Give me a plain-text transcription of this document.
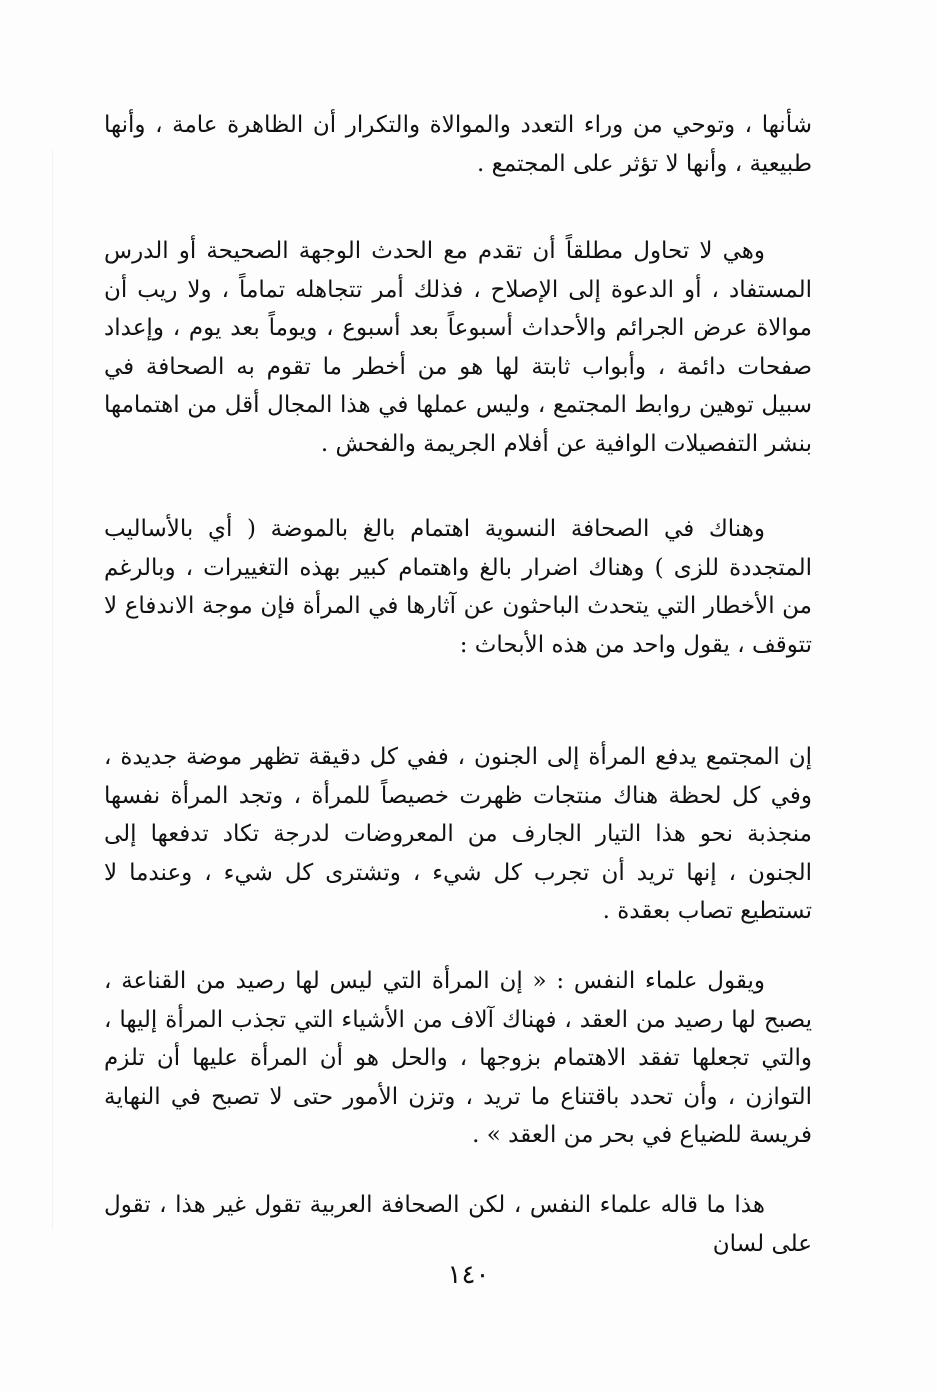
شأنها ، وتوحي من وراء التعدد والموالاة والتكرار أن الظاهرة عامة ، وأنها طبيعية ، وأنها لا تؤثر على المجتمع .

وهي لا تحاول مطلقاً أن تقدم مع الحدث الوجهة الصحيحة أو الدرس المستفاد ، أو الدعوة إلى الإصلاح ، فذلك أمر تتجاهله تماماً ، ولا ريب أن موالاة عرض الجرائم والأحداث أسبوعاً بعد أسبوع ، ويوماً بعد يوم ، وإعداد صفحات دائمة ، وأبواب ثابتة لها هو من أخطر ما تقوم به الصحافة في سبيل توهين روابط المجتمع ، وليس عملها في هذا المجال أقل من اهتمامها بنشر التفصيلات الوافية عن أفلام الجريمة والفحش .

وهناك في الصحافة النسوية اهتمام بالغ بالموضة ( أي بالأساليب المتجددة للزى ) وهناك اضرار بالغ واهتمام كبير بهذه التغييرات ، وبالرغم من الأخطار التي يتحدث الباحثون عن آثارها في المرأة فإن موجة الاندفاع لا تتوقف ، يقول واحد من هذه الأبحاث :

إن المجتمع يدفع المرأة إلى الجنون ، ففي كل دقيقة تظهر موضة جديدة ، وفي كل لحظة هناك منتجات ظهرت خصيصاً للمرأة ، وتجد المرأة نفسها منجذبة نحو هذا التيار الجارف من المعروضات لدرجة تكاد تدفعها إلى الجنون ، إنها تريد أن تجرب كل شيء ، وتشترى كل شيء ، وعندما لا تستطيع تصاب بعقدة .

ويقول علماء النفس : « إن المرأة التي ليس لها رصيد من القناعة ، يصبح لها رصيد من العقد ، فهناك آلاف من الأشياء التي تجذب المرأة إليها ، والتي تجعلها تفقد الاهتمام بزوجها ، والحل هو أن المرأة عليها أن تلزم التوازن ، وأن تحدد باقتناع ما تريد ، وتزن الأمور حتى لا تصبح في النهاية فريسة للضياع في بحر من العقد » .

هذا ما قاله علماء النفس ، لكن الصحافة العربية تقول غير هذا ، تقول على لسان

١٤٠
